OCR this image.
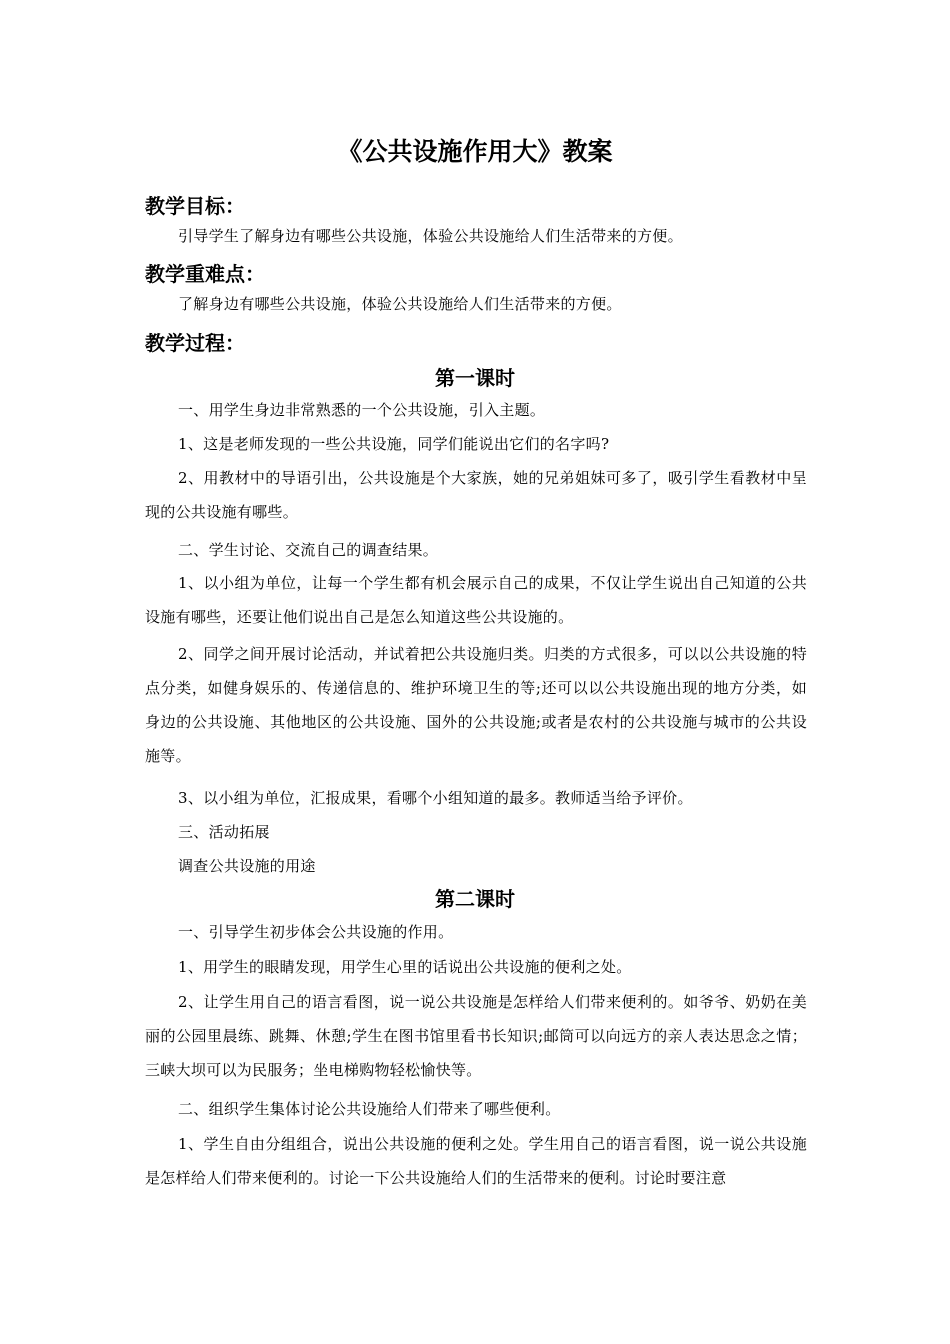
《公共设施作用大》教案
教学目标：
引导学生了解身边有哪些公共设施，体验公共设施给人们生活带来的方便。
教学重难点：
了解身边有哪些公共设施，体验公共设施给人们生活带来的方便。
教学过程：
第一课时
一、用学生身边非常熟悉的一个公共设施，引入主题。
1、这是老师发现的一些公共设施，同学们能说出它们的名字吗?
2、用教材中的导语引出，公共设施是个大家族，她的兄弟姐妹可多了，吸引学生看教材中呈现的公共设施有哪些。
二、学生讨论、交流自己的调查结果。
1、以小组为单位，让每一个学生都有机会展示自己的成果，不仅让学生说出自己知道的公共设施有哪些，还要让他们说出自己是怎么知道这些公共设施的。
2、同学之间开展讨论活动，并试着把公共设施归类。归类的方式很多，可以以公共设施的特点分类，如健身娱乐的、传递信息的、维护环境卫生的等;还可以以公共设施出现的地方分类，如身边的公共设施、其他地区的公共设施、国外的公共设施;或者是农村的公共设施与城市的公共设施等。
3、以小组为单位，汇报成果，看哪个小组知道的最多。教师适当给予评价。
三、活动拓展
调查公共设施的用途
第二课时
一、引导学生初步体会公共设施的作用。
1、用学生的眼睛发现，用学生心里的话说出公共设施的便利之处。
2、让学生用自己的语言看图，说一说公共设施是怎样给人们带来便利的。如爷爷、奶奶在美丽的公园里晨练、跳舞、休憩;学生在图书馆里看书长知识;邮筒可以向远方的亲人表达思念之情；三峡大坝可以为民服务；坐电梯购物轻松愉快等。
二、组织学生集体讨论公共设施给人们带来了哪些便利。
1、学生自由分组组合，说出公共设施的便利之处。学生用自己的语言看图，说一说公共设施是怎样给人们带来便利的。讨论一下公共设施给人们的生活带来的便利。讨论时要注意
